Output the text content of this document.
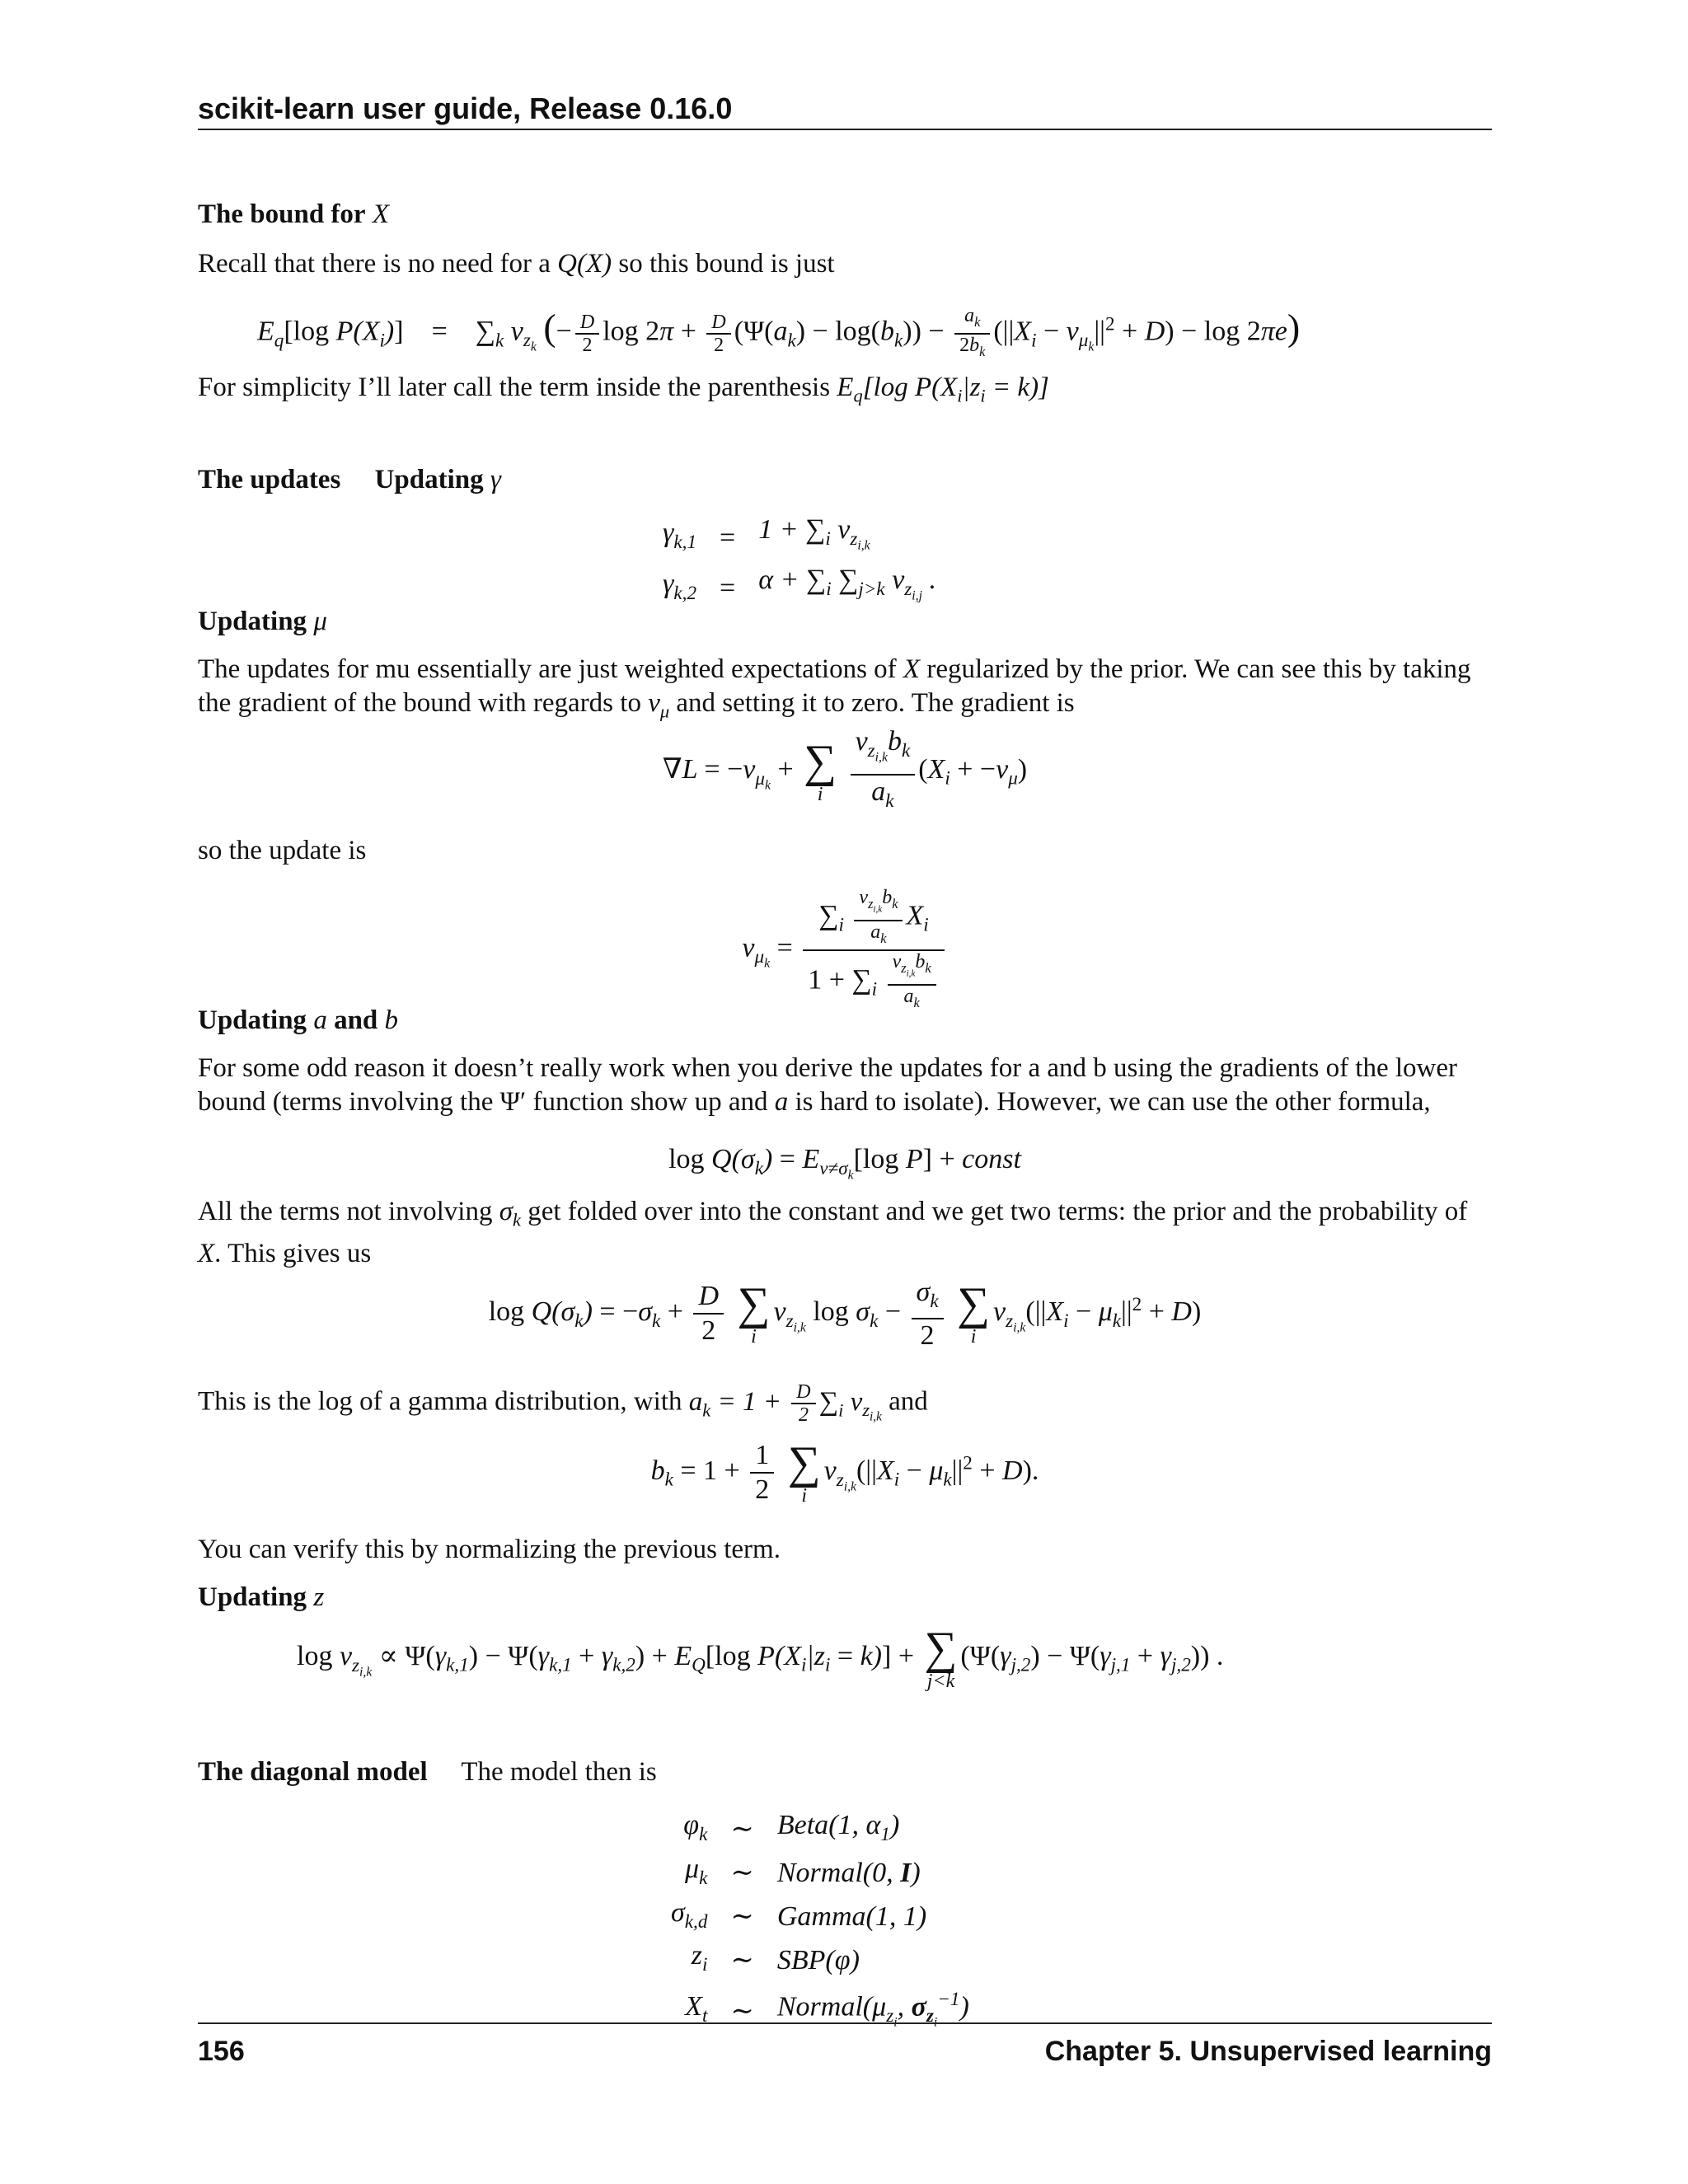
scikit-learn user guide, Release 0.16.0
The bound for X
Recall that there is no need for a Q(X) so this bound is just
$E_q[\log$ $P(X_i)] = \sum_k$ $\nu_{z_k}$ (− $\frac{D}{2}$ $\log 2\pi + \frac{D}{2} (\Psi(a_k) - \log(b_k)) - \frac{a_k}{2b_k} (||X_i - \nu_{\mu_k}||^2 + D) - \log 2\pi e$)
For simplicity I’ll later call the term inside the parenthesis $E_q[\log$ $P(X_i|z_i = k)$]
The updates Updating γ
$\gamma_{k,1}$	=	$1 + \sum_i$ $\nu_{z_{i,k}}$
$\gamma_{k,2}$	=	$\alpha + \sum_i$ $\sum_{j>k}$ $\nu_{z_{i,j}}$ .
Updating μ
The updates for mu essentially are just weighted expectations of X regularized by the prior. We can see this by taking the gradient of the bound with regards to $\nu_\mu$ and setting it to zero. The gradient is
$\nabla L = -\nu_{\mu_k}$ + ∑
i
$\frac{\nu_{z_{i,k}}b_k}{a_k} (X_i + -\nu_\mu)$
so the update is
$\nu_{\mu_k} = \frac{\sum_i \frac{\nu_{z_{i,k}}b_k}{a_k} X_i}{1 + \sum_i \frac{\nu_{z_{i,k}}b_k}{a_k}}$
Updating a and b
For some odd reason it doesn’t really work when you derive the updates for a and b using the gradients of the lower bound (terms involving the Ψ′ function show up and a is hard to isolate). However, we can use the other formula,
$\log Q(\sigma_k) = E_{v\ne\sigma_k}[\log$ P] + const
All the terms not involving $\sigma_k$ get folded over into the constant and we get two terms: the prior and the probability of X. This gives us
$\log Q(\sigma_k) = -\sigma_k + \frac{D}{2}$
∑
i
$\nu_{z_{i,k}}$ $\log \sigma_k - \frac{\sigma_k}{2}$
∑
i
$\nu_{z_{i,k}}(||X_i - \mu_k||^2 + D)$
This is the log of a gamma distribution, with $a_k = 1 + \frac{D}{2} \sum_i$ $\nu_{z_{i,k}}$ and
$b_k = 1 + \frac{1}{2}$
∑
i
$\nu_{z_{i,k}}(||X_i - \mu_k||^2 + D)$.
You can verify this by normalizing the previous term.
Updating z
$\log \nu_{z_{i,k}} \propto \Psi(\gamma_{k,1}) - \Psi(\gamma_{k,1} + \gamma_{k,2}) + E_Q[\log$ $P(X_i|z_i = k)$] + ∑
j<k
$(\Psi(\gamma_{j,2}) - \Psi(\gamma_{j,1} + \gamma_{j,2}))$ .
The diagonal model The model then is
$\varphi_k$	∼	Beta(1, $\alpha_1$)
$\mu_k$	∼	Normal(0, I)
$\sigma_{k,d}$	∼	Gamma(1, 1)
$z_i$	∼	SBP(φ)
$X_t$	∼	$Normal(\mu_{z_i}$, $\sigma_{z_i}^{-1}$)
156	Chapter 5. Unsupervised learning
